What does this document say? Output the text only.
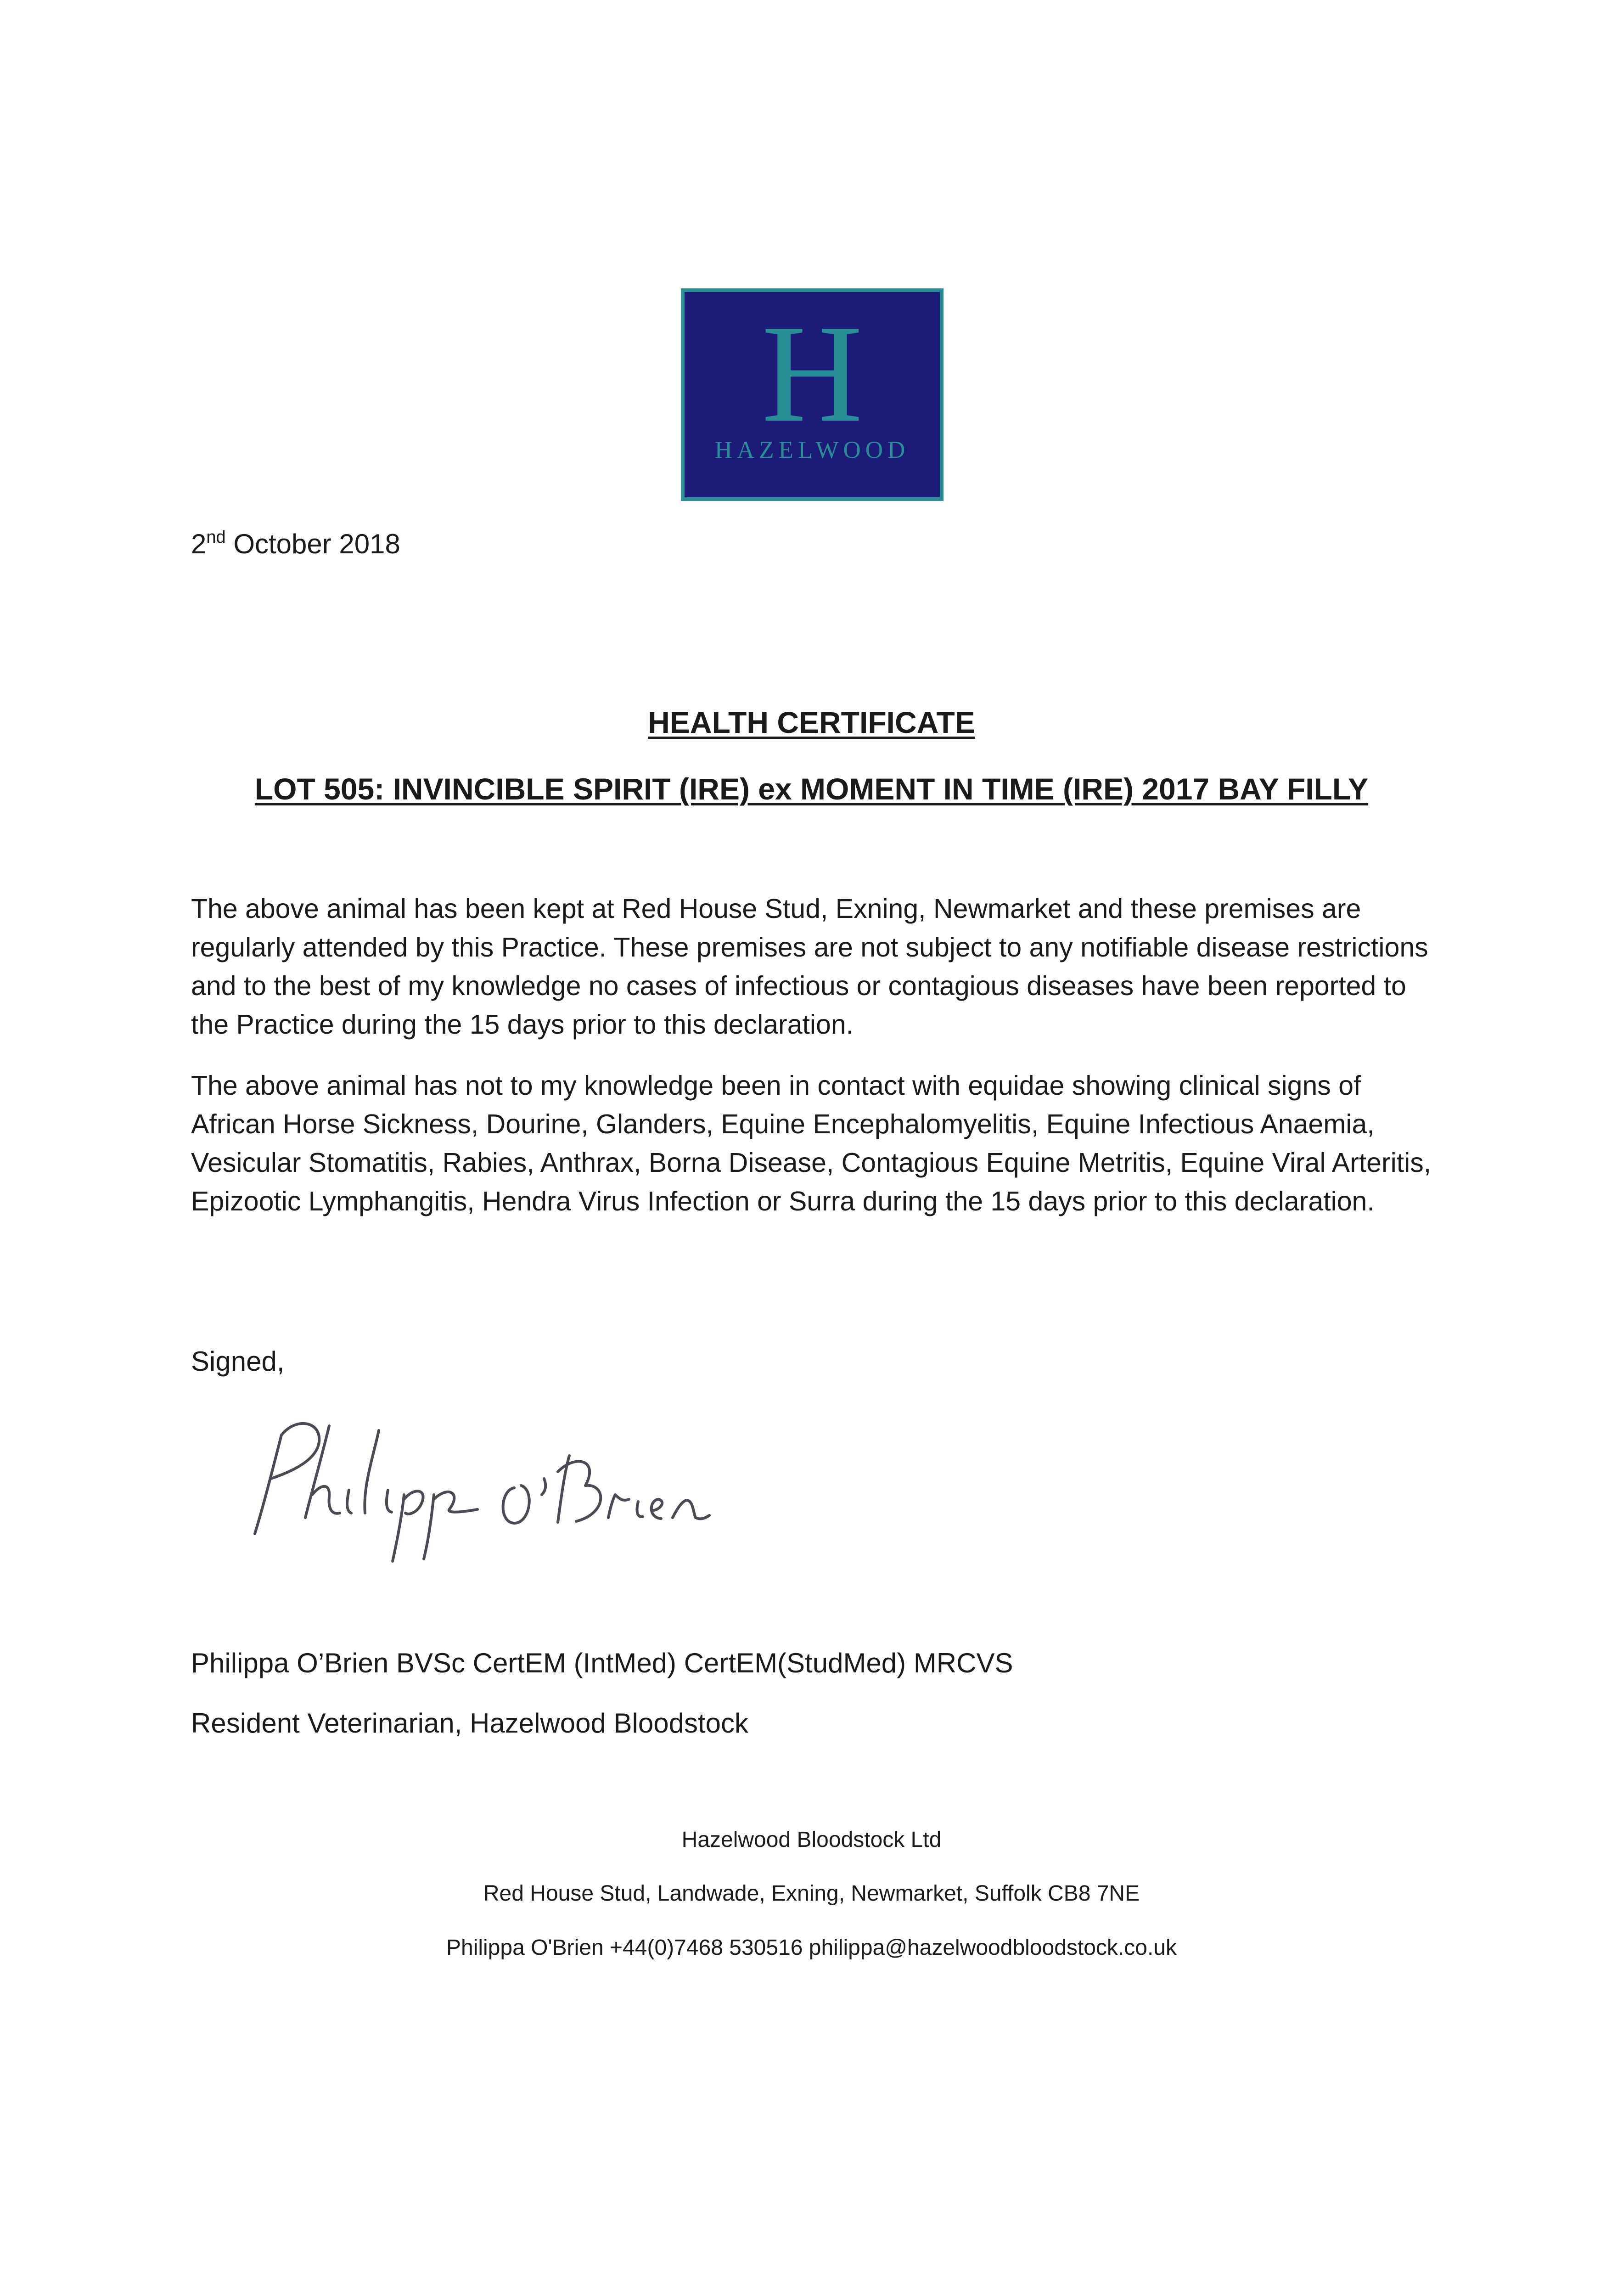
H
HAZELWOOD
2nd October 2018
HEALTH CERTIFICATE
LOT 505: INVINCIBLE SPIRIT (IRE) ex MOMENT IN TIME (IRE) 2017 BAY FILLY

The above animal has been kept at Red House Stud, Exning, Newmarket and these premises are regularly attended by this Practice. These premises are not subject to any notifiable disease restrictions and to the best of my knowledge no cases of infectious or contagious diseases have been reported to the Practice during the 15 days prior to this declaration.

The above animal has not to my knowledge been in contact with equidae showing clinical signs of African Horse Sickness, Dourine, Glanders, Equine Encephalomyelitis, Equine Infectious Anaemia, Vesicular Stomatitis, Rabies, Anthrax, Borna Disease, Contagious Equine Metritis, Equine Viral Arteritis, Epizootic Lymphangitis, Hendra Virus Infection or Surra during the 15 days prior to this declaration.

Signed,
Philippa O’Brien BVSc CertEM (IntMed) CertEM(StudMed) MRCVS
Resident Veterinarian, Hazelwood Bloodstock
Hazelwood Bloodstock Ltd
Red House Stud, Landwade, Exning, Newmarket, Suffolk CB8 7NE
Philippa O'Brien +44(0)7468 530516 philippa@hazelwoodbloodstock.co.uk
